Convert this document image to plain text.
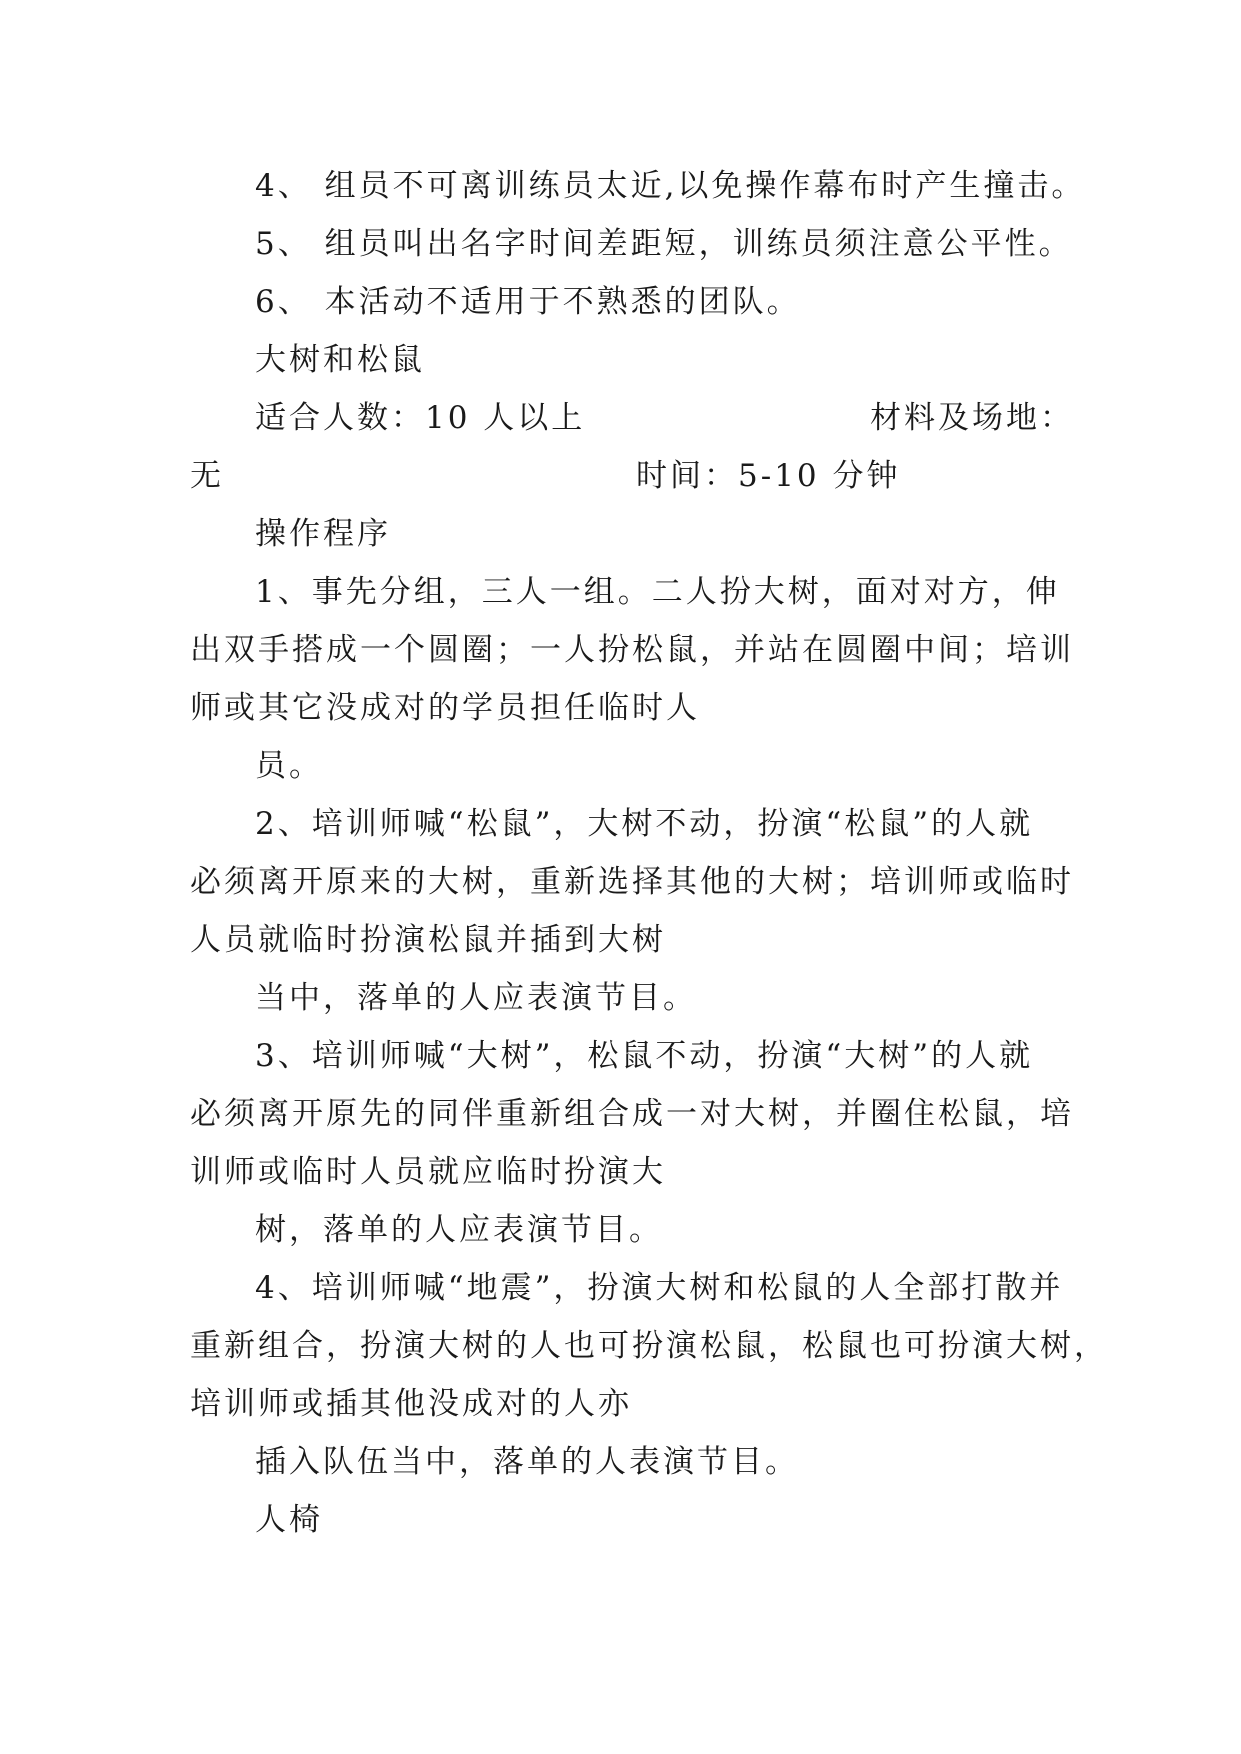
4、 组员不可离训练员太近,以免操作幕布时产生撞击。
5、 组员叫出名字时间差距短，训练员须注意公平性。
6、 本活动不适用于不熟悉的团队。
大树和松鼠
适合人数：10 人以上	材料及场地：
无	时间：5-10 分钟
操作程序
1、事先分组，三人一组。二人扮大树，面对对方，伸
出双手搭成一个圆圈；一人扮松鼠，并站在圆圈中间；培训
师或其它没成对的学员担任临时人
员。
2、培训师喊“松鼠”，大树不动，扮演“松鼠”的人就
必须离开原来的大树，重新选择其他的大树；培训师或临时
人员就临时扮演松鼠并插到大树
当中，落单的人应表演节目。
3、培训师喊“大树”，松鼠不动，扮演“大树”的人就
必须离开原先的同伴重新组合成一对大树，并圈住松鼠，培
训师或临时人员就应临时扮演大
树，落单的人应表演节目。
4、培训师喊“地震”，扮演大树和松鼠的人全部打散并
重新组合，扮演大树的人也可扮演松鼠，松鼠也可扮演大树，
培训师或插其他没成对的人亦
插入队伍当中，落单的人表演节目。
人椅
